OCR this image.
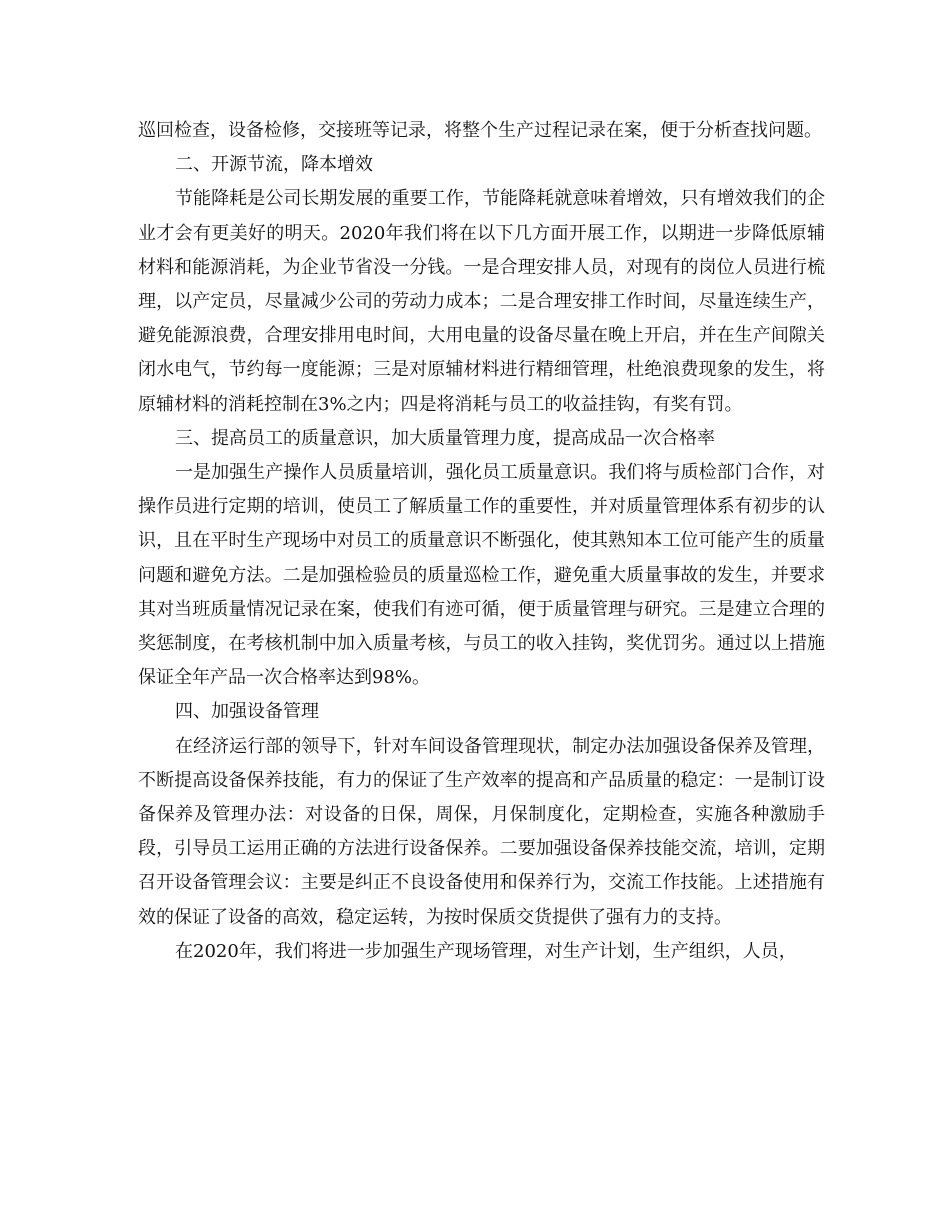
巡回检查，设备检修，交接班等记录，将整个生产过程记录在案，便于分析查找问题。

二、开源节流，降本增效

节能降耗是公司长期发展的重要工作，节能降耗就意味着增效，只有增效我们的企业才会有更美好的明天。2020年我们将在以下几方面开展工作，以期进一步降低原辅材料和能源消耗，为企业节省没一分钱。一是合理安排人员，对现有的岗位人员进行梳理，以产定员，尽量减少公司的劳动力成本；二是合理安排工作时间，尽量连续生产，避免能源浪费，合理安排用电时间，大用电量的设备尽量在晚上开启，并在生产间隙关闭水电气，节约每一度能源；三是对原辅材料进行精细管理，杜绝浪费现象的发生，将原辅材料的消耗控制在3%之内；四是将消耗与员工的收益挂钩，有奖有罚。

三、提高员工的质量意识，加大质量管理力度，提高成品一次合格率

一是加强生产操作人员质量培训，强化员工质量意识。我们将与质检部门合作，对操作员进行定期的培训，使员工了解质量工作的重要性，并对质量管理体系有初步的认识，且在平时生产现场中对员工的质量意识不断强化，使其熟知本工位可能产生的质量问题和避免方法。二是加强检验员的质量巡检工作，避免重大质量事故的发生，并要求其对当班质量情况记录在案，使我们有迹可循，便于质量管理与研究。三是建立合理的奖惩制度，在考核机制中加入质量考核，与员工的收入挂钩，奖优罚劣。通过以上措施保证全年产品一次合格率达到98%。

四、加强设备管理

在经济运行部的领导下，针对车间设备管理现状，制定办法加强设备保养及管理，不断提高设备保养技能，有力的保证了生产效率的提高和产品质量的稳定：一是制订设备保养及管理办法：对设备的日保，周保，月保制度化，定期检查，实施各种激励手段，引导员工运用正确的方法进行设备保养。二要加强设备保养技能交流，培训，定期召开设备管理会议：主要是纠正不良设备使用和保养行为，交流工作技能。上述措施有效的保证了设备的高效，稳定运转，为按时保质交货提供了强有力的支持。

在2020年，我们将进一步加强生产现场管理，对生产计划，生产组织，人员，
